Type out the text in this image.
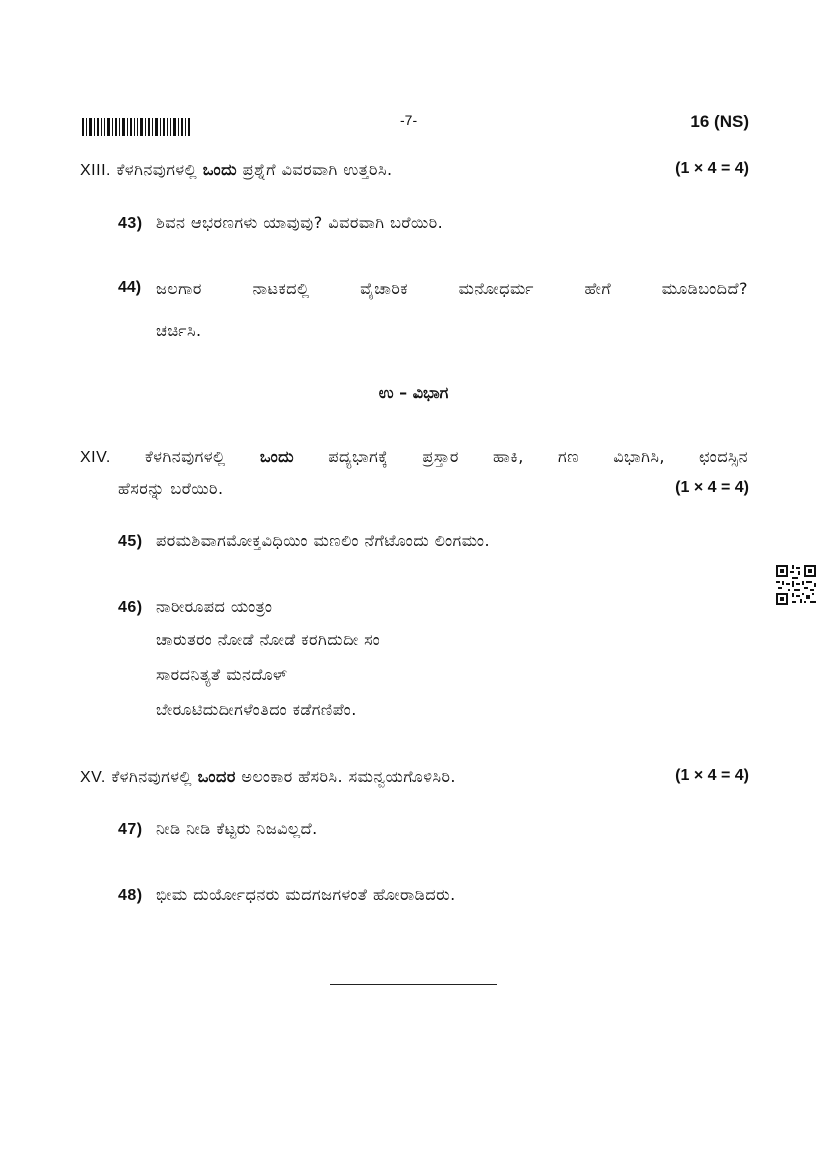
-7-	16 (NS)
XIII. ಕೆಳಗಿನವುಗಳಲ್ಲಿ ಒಂದು ಪ್ರಶ್ನೆಗೆ ವಿವರವಾಗಿ ಉತ್ತರಿಸಿ.	(1 × 4 = 4)
43) ಶಿವನ ಆಭರಣಗಳು ಯಾವುವು? ವಿವರವಾಗಿ ಬರೆಯಿರಿ.
44) ಜಲಗಾರ ನಾಟಕದಲ್ಲಿ ವೈಚಾರಿಕ ಮನೋಧರ್ಮ ಹೇಗೆ ಮೂಡಿಬಂದಿದೆ?
ಚರ್ಚಿಸಿ.
ಉ – ವಿಭಾಗ
XIV. ಕೆಳಗಿನವುಗಳಲ್ಲಿ ಒಂದು ಪದ್ಯಭಾಗಕ್ಕೆ ಪ್ರಸ್ತಾರ ಹಾಕಿ, ಗಣ ವಿಭಾಗಿಸಿ, ಛಂದಸ್ಸಿನ
ಹೆಸರನ್ನು ಬರೆಯಿರಿ.	(1 × 4 = 4)
45) ಪರಮಶಿವಾಗಮೋಕ್ತವಿಧಿಯಿಂ ಮಣಲಿಂ ನೆಗೆಟೊಂದು ಲಿಂಗಮಂ.
46) ನಾರೀರೂಪದ ಯಂತ್ರಂ
ಚಾರುತರಂ ನೋಡೆ ನೋಡೆ ಕರಗಿದುದೀ ಸಂ
ಸಾರದನಿತ್ಯತೆ ಮನದೊಳ್
ಬೇರೂಟಿದುದೀಗಳೆಂತಿದಂ ಕಡೆಗಣಿಪೆಂ.
XV. ಕೆಳಗಿನವುಗಳಲ್ಲಿ ಒಂದರ ಅಲಂಕಾರ ಹೆಸರಿಸಿ. ಸಮನ್ವಯಗೊಳಿಸಿರಿ.	(1 × 4 = 4)
47) ನೀಡಿ ನೀಡಿ ಕೆಟ್ಟರು ನಿಜವಿಲ್ಲದೆ.
48) ಭೀಮ ದುರ್ಯೋಧನರು ಮದಗಜಗಳಂತೆ ಹೋರಾಡಿದರು.
